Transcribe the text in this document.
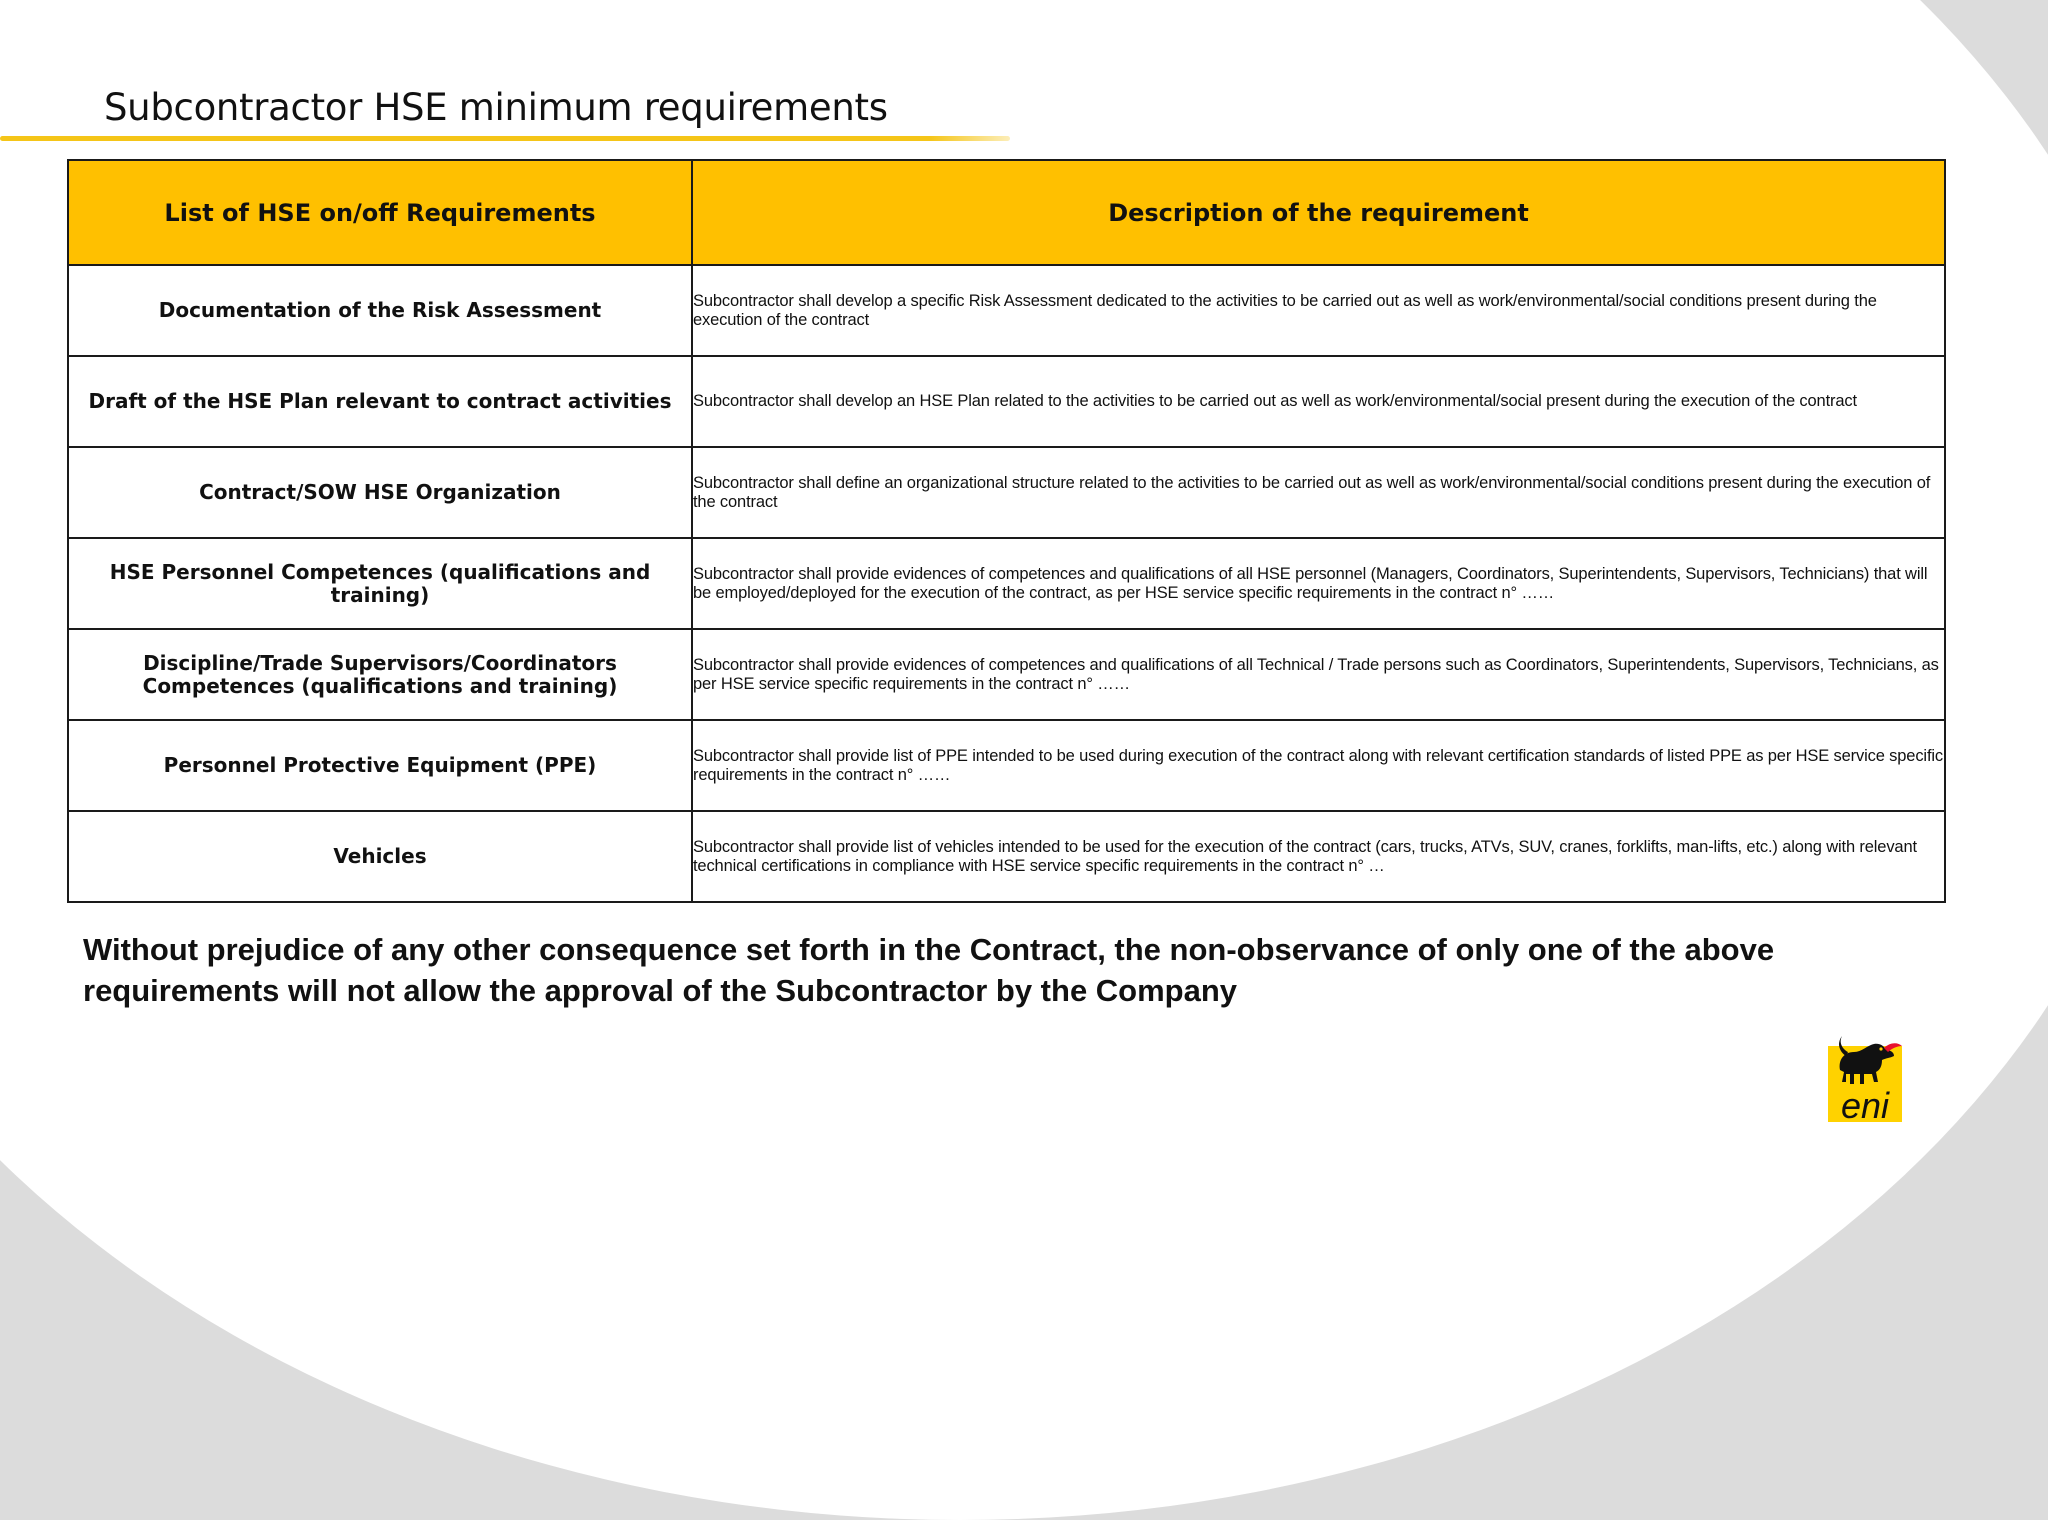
Subcontractor HSE minimum requirements
List of HSE on/off Requirements	Description of the requirement
Documentation of the Risk Assessment	Subcontractor shall develop a specific Risk Assessment dedicated to the activities to be carried out as well as work/environmental/social conditions present during the execution of the contract
Draft of the HSE Plan relevant to contract activities	Subcontractor shall develop an HSE Plan related to the activities to be carried out as well as work/environmental/social present during the execution of the contract
Contract/SOW HSE Organization	Subcontractor shall define an organizational structure related to the activities to be carried out as well as work/environmental/social conditions present during the execution of the contract
HSE Personnel Competences (qualifications and training)	Subcontractor shall provide evidences of competences and qualifications of all HSE personnel (Managers, Coordinators, Superintendents, Supervisors, Technicians) that will be employed/deployed for the execution of the contract, as per HSE service specific requirements in the contract n° ……
Discipline/Trade Supervisors/Coordinators Competences (qualifications and training)	Subcontractor shall provide evidences of competences and qualifications of all Technical / Trade persons such as Coordinators, Superintendents, Supervisors, Technicians, as per HSE service specific requirements in the contract n° ……
Personnel Protective Equipment (PPE)	Subcontractor shall provide list of PPE intended to be used during execution of the contract along with relevant certification standards of listed PPE as per HSE service specific requirements in the contract n° ……
Vehicles	Subcontractor shall provide list of vehicles intended to be used for the execution of the contract (cars, trucks, ATVs, SUV, cranes, forklifts, man-lifts, etc.) along with relevant technical certifications in compliance with HSE service specific requirements in the contract n° …

Without prejudice of any other consequence set forth in the Contract, the non-observance of only one of the above requirements will not allow the approval of the Subcontractor by the Company

eni
